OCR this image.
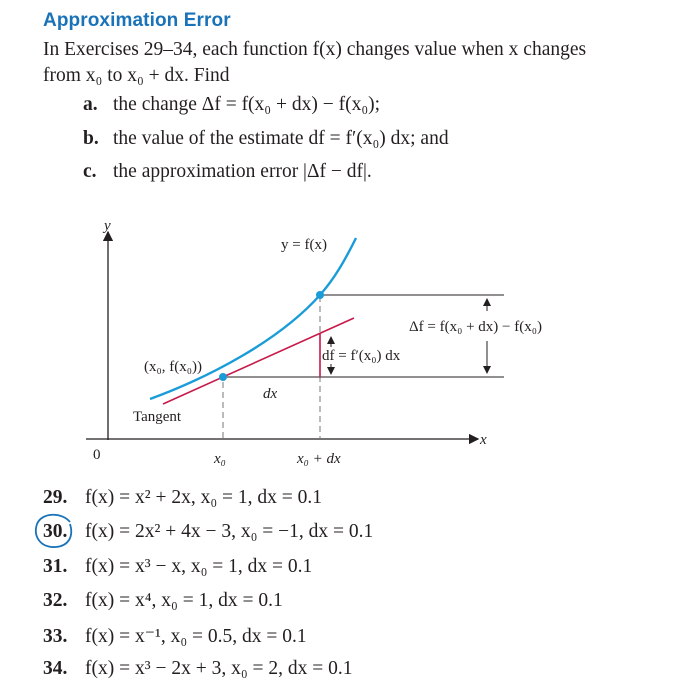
Approximation Error
In Exercises 29–34, each function f(x) changes value when x changes
from x₀ to x₀ + dx. Find
a. the change Δf = f(x₀ + dx) − f(x₀);
b. the value of the estimate df = f′(x₀) dx; and
c. the approximation error |Δf − df|.
y
x
0
y = f(x)
(x₀, f(x₀))
Tangent
dx
df = f′(x₀) dx
Δf = f(x₀ + dx) − f(x₀)
x₀	x₀ + dx
29. f(x) = x² + 2x, x₀ = 1, dx = 0.1
30. f(x) = 2x² + 4x − 3, x₀ = −1, dx = 0.1
31. f(x) = x³ − x, x₀ = 1, dx = 0.1
32. f(x) = x⁴, x₀ = 1, dx = 0.1
33. f(x) = x⁻¹, x₀ = 0.5, dx = 0.1
34. f(x) = x³ − 2x + 3, x₀ = 2, dx = 0.1
